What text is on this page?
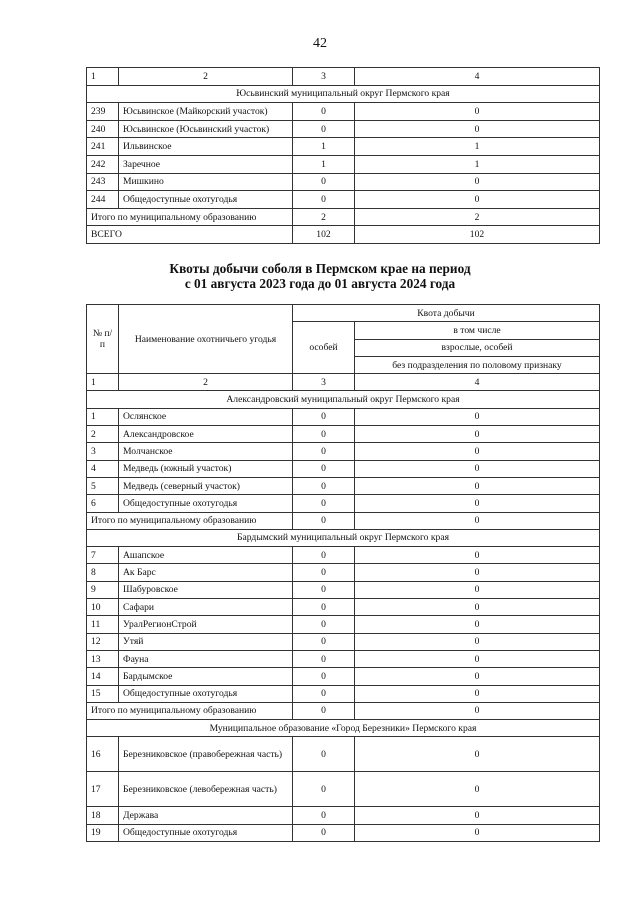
42
1	2	3	4
Юсьвинский муниципальный округ Пермского края			
239	Юсьвинское (Майкорский участок)	0	0
240	Юсьвинское (Юсьвинский участок)	0	0
241	Ильвинское	1	1
242	Заречное	1	1
243	Мишкино	0	0
244	Общедоступные охотугодья	0	0
Итого по муниципальному образованию		2	2
ВСЕГО		102	102
Квоты добычи соболя в Пермском крае на период
с 01 августа 2023 года до 01 августа 2024 года
№ п/п	Наименование охотничьего угодья	Квота добычи	
		особей	в том числе
			взрослые, особей
			без подразделения по половому признаку
1	2	3	4
Александровский муниципальный округ Пермского края			
1	Ослянское	0	0
2	Александровское	0	0
3	Молчанское	0	0
4	Медведь (южный участок)	0	0
5	Медведь (северный участок)	0	0
6	Общедоступные охотугодья	0	0
Итого по муниципальному образованию		0	0
Бардымский муниципальный округ Пермского края			
7	Ашапское	0	0
8	Ак Барс	0	0
9	Шабуровское	0	0
10	Сафари	0	0
11	УралРегионСтрой	0	0
12	Утяй	0	0
13	Фауна	0	0
14	Бардымское	0	0
15	Общедоступные охотугодья	0	0
Итого по муниципальному образованию		0	0
Муниципальное образование «Город Березники» Пермского края			
16	Березниковское (правобережная часть)	0	0
17	Березниковское (левобережная часть)	0	0
18	Держава	0	0
19	Общедоступные охотугодья	0	0
